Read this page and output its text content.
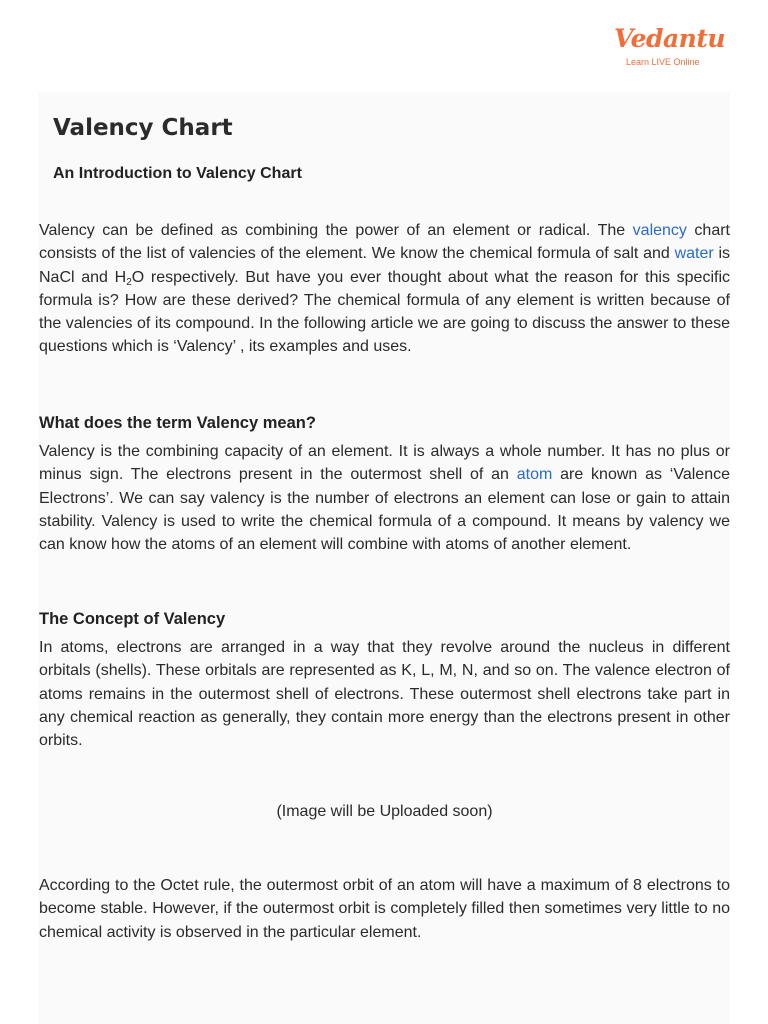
Vedantu
Learn LIVE Online
Valency Chart
An Introduction to Valency Chart

Valency can be defined as combining the power of an element or radical. The valency chart consists of the list of valencies of the element. We know the chemical formula of salt and water is NaCl and $H_2O$ respectively. But have you ever thought about what the reason for this specific formula is? How are these derived? The chemical formula of any element is written because of the valencies of its compound. In the following article we are going to discuss the answer to these questions which is ‘Valency’ , its examples and uses.

What does the term Valency mean?

Valency is the combining capacity of an element. It is always a whole number. It has no plus or minus sign. The electrons present in the outermost shell of an atom are known as ‘Valence Electrons’. We can say valency is the number of electrons an element can lose or gain to attain stability. Valency is used to write the chemical formula of a compound. It means by valency we can know how the atoms of an element will combine with atoms of another element.

The Concept of Valency

In atoms, electrons are arranged in a way that they revolve around the nucleus in different orbitals (shells). These orbitals are represented as K, L, M, N, and so on. The valence electron of atoms remains in the outermost shell of electrons. These outermost shell electrons take part in any chemical reaction as generally, they contain more energy than the electrons present in other orbits.

(Image will be Uploaded soon)

According to the Octet rule, the outermost orbit of an atom will have a maximum of 8 electrons to become stable. However, if the outermost orbit is completely filled then sometimes very little to no chemical activity is observed in the particular element.
